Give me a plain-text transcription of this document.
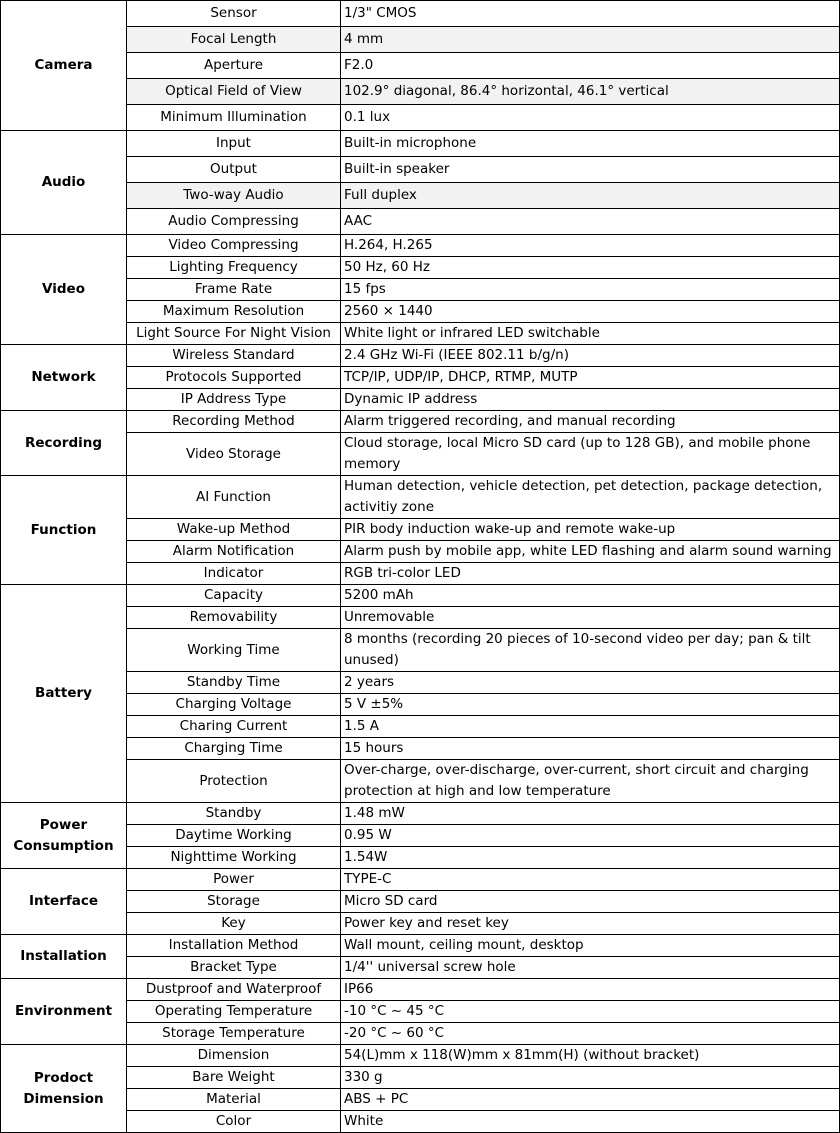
Camera	Sensor	1/3" CMOS
	Focal Length	4 mm
	Aperture	F2.0
	Optical Field of View	102.9° diagonal, 86.4° horizontal, 46.1° vertical
	Minimum Illumination	0.1 lux
Audio	Input	Built-in microphone
	Output	Built-in speaker
	Two-way Audio	Full duplex
	Audio Compressing	AAC
Video	Video Compressing	H.264, H.265
	Lighting Frequency	50 Hz, 60 Hz
	Frame Rate	15 fps
	Maximum Resolution	2560 × 1440
	Light Source For Night Vision	White light or infrared LED switchable
Network	Wireless Standard	2.4 GHz Wi-Fi (IEEE 802.11 b/g/n)
	Protocols Supported	TCP/IP, UDP/IP, DHCP, RTMP, MUTP
	IP Address Type	Dynamic IP address
Recording	Recording Method	Alarm triggered recording, and manual recording
	Video Storage	Cloud storage, local Micro SD card (up to 128 GB), and mobile phone memory
Function	AI Function	Human detection, vehicle detection, pet detection, package detection, activitiy zone
	Wake-up Method	PIR body induction wake-up and remote wake-up
	Alarm Notification	Alarm push by mobile app, white LED flashing and alarm sound warning
	Indicator	RGB tri-color LED
Battery	Capacity	5200 mAh
	Removability	Unremovable
	Working Time	8 months (recording 20 pieces of 10-second video per day; pan & tilt unused)
	Standby Time	2 years
	Charging Voltage	5 V ±5%
	Charing Current	1.5 A
	Charging Time	15 hours
	Protection	Over-charge, over-discharge, over-current, short circuit and charging protection at high and low temperature
Power Consumption	Standby	1.48 mW
	Daytime Working	0.95 W
	Nighttime Working	1.54W
Interface	Power	TYPE-C
	Storage	Micro SD card
	Key	Power key and reset key
Installation	Installation Method	Wall mount, ceiling mount, desktop
	Bracket Type	1/4'' universal screw hole
Environment	Dustproof and Waterproof	IP66
	Operating Temperature	-10 °C ~ 45 °C
	Storage Temperature	-20 °C ~ 60 °C
Prodoct Dimension	Dimension	54(L)mm x 118(W)mm x 81mm(H) (without bracket)
	Bare Weight	330 g
	Material	ABS + PC
	Color	White
